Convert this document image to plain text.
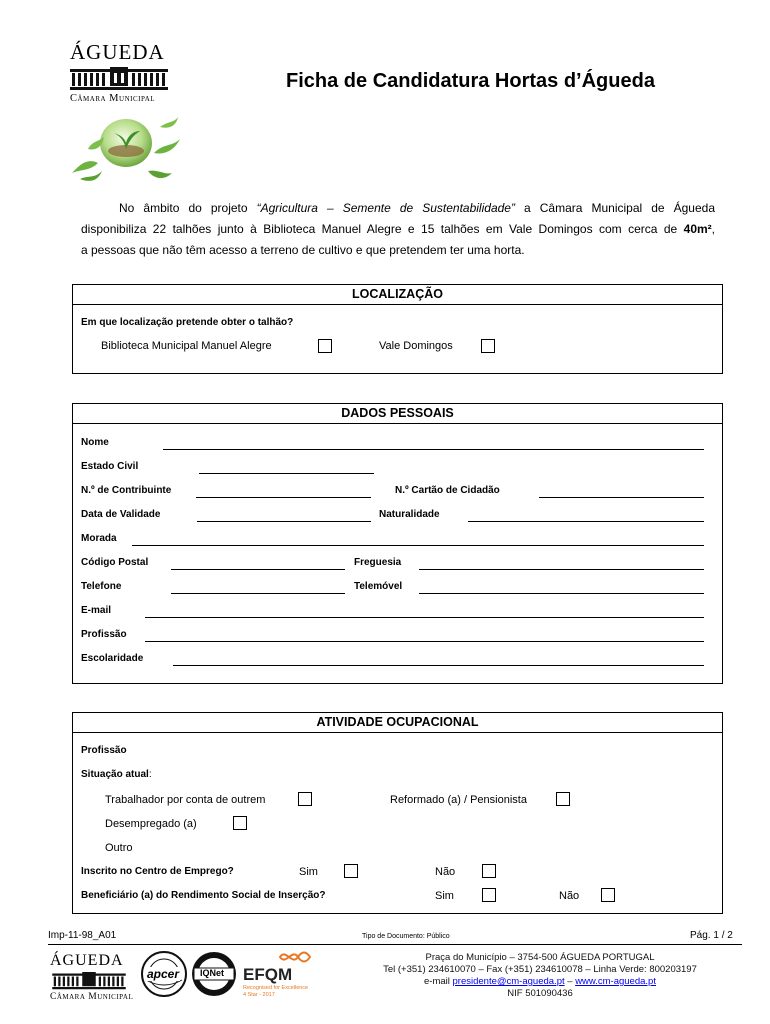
ÁGUEDA
Câmara Municipal
Ficha de Candidatura Hortas d’Águeda
No âmbito do projeto “Agricultura – Semente de Sustentabilidade” a Câmara Municipal de Águeda
disponibiliza 22 talhões junto à Biblioteca Manuel Alegre e 15 talhões em Vale Domingos com cerca de 40m²,
a pessoas que não têm acesso a terreno de cultivo e que pretendem ter uma horta.
LOCALIZAÇÃO
Em que localização pretende obter o talhão?
Biblioteca Municipal Manuel Alegre	Vale Domingos
DADOS PESSOAIS
Nome
Estado Civil
N.º de Contribuinte	N.º Cartão de Cidadão
Data de Validade	Naturalidade
Morada
Código Postal	Freguesia
Telefone	Telemóvel
E-mail
Profissão
Escolaridade
ATIVIDADE OCUPACIONAL
Profissão
Situação atual:
Trabalhador por conta de outrem	Reformado (a) / Pensionista
Desempregado (a)
Outro
Inscrito no Centro de Emprego?	Sim	Não
Beneficiário (a) do Rendimento Social de Inserção?	Sim	Não
Imp-11-98_A01	Tipo de Documento: Público	Pág. 1 / 2
ÁGUEDA
Câmara Municipal
apcer IQNet EFQM
Recognised for Excellence
4 Star - 2017
Praça do Município – 3754-500 ÁGUEDA PORTUGAL
Tel (+351) 234610070 – Fax (+351) 234610078 – Linha Verde: 800203197
e-mail presidente@cm-agueda.pt – www.cm-agueda.pt
NIF 501090436
